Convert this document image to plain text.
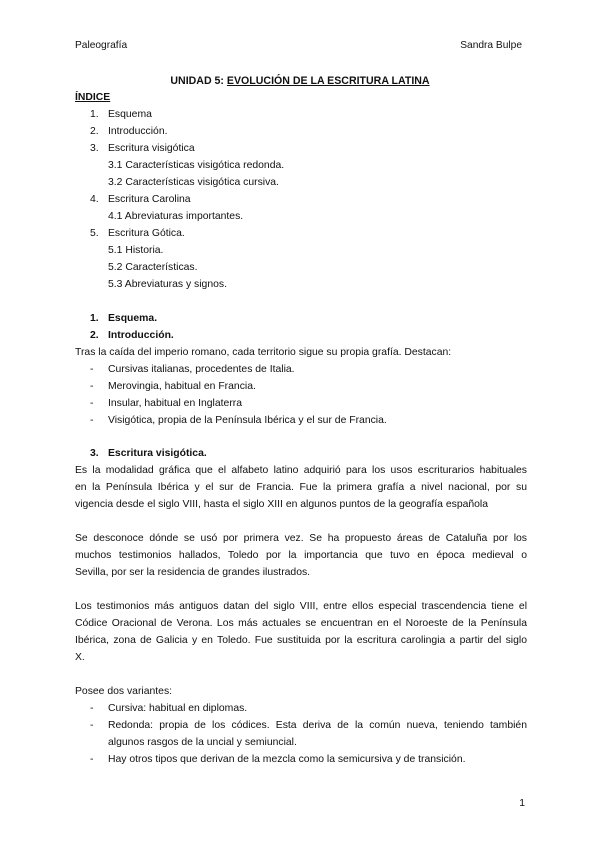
Paleografía	Sandra Bulpe
UNIDAD 5: EVOLUCIÓN DE LA ESCRITURA LATINA
ÍNDICE
1. Esquema
2. Introducción.
3. Escritura visigótica
3.1 Características visigótica redonda.
3.2 Características visigótica cursiva.
4. Escritura Carolina
4.1 Abreviaturas importantes.
5. Escritura Gótica.
5.1 Historia.
5.2 Características.
5.3 Abreviaturas y signos.
1. Esquema.
2. Introducción.
Tras la caída del imperio romano, cada territorio sigue su propia grafía. Destacan:
- Cursivas italianas, procedentes de Italia.
- Merovingia, habitual en Francia.
- Insular, habitual en Inglaterra
- Visigótica, propia de la Península Ibérica y el sur de Francia.
3. Escritura visigótica.
Es la modalidad gráfica que el alfabeto latino adquirió para los usos escriturarios habituales
en la Península Ibérica y el sur de Francia. Fue la primera grafía a nivel nacional, por su
vigencia desde el siglo VIII, hasta el siglo XIII en algunos puntos de la geografía española
Se desconoce dónde se usó por primera vez. Se ha propuesto áreas de Cataluña por los
muchos testimonios hallados, Toledo por la importancia que tuvo en época medieval o
Sevilla, por ser la residencia de grandes ilustrados.
Los testimonios más antiguos datan del siglo VIII, entre ellos especial trascendencia tiene el
Códice Oracional de Verona. Los más actuales se encuentran en el Noroeste de la Península
Ibérica, zona de Galicia y en Toledo. Fue sustituida por la escritura carolingia a partir del siglo
X.
Posee dos variantes:
- Cursiva: habitual en diplomas.
- Redonda: propia de los códices. Esta deriva de la común nueva, teniendo también
algunos rasgos de la uncial y semiuncial.
- Hay otros tipos que derivan de la mezcla como la semicursiva y de transición.
1
